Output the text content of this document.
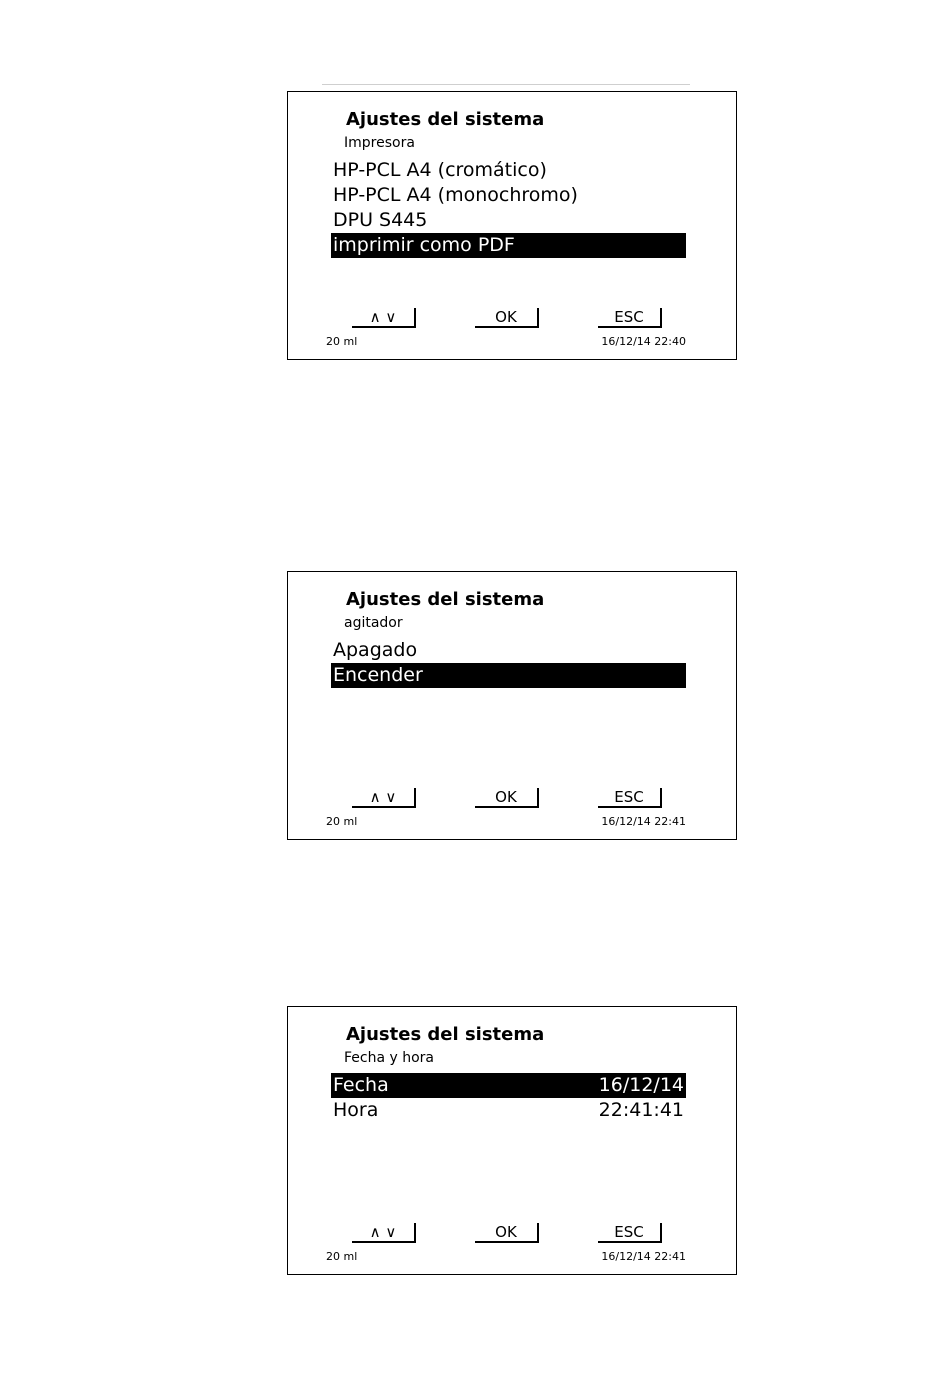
Ajustes del sistema
Impresora
HP-PCL A4 (cromático)
HP-PCL A4 (monochromo)
DPU S445
imprimir como PDF
∧ ∨	OK	ESC
20 ml	16/12/14 22:40
Ajustes del sistema
agitador
Apagado
Encender
∧ ∨	OK	ESC
20 ml	16/12/14 22:41
Ajustes del sistema
Fecha y hora
Fecha	16/12/14
Hora	22:41:41
∧ ∨	OK	ESC
20 ml	16/12/14 22:41
